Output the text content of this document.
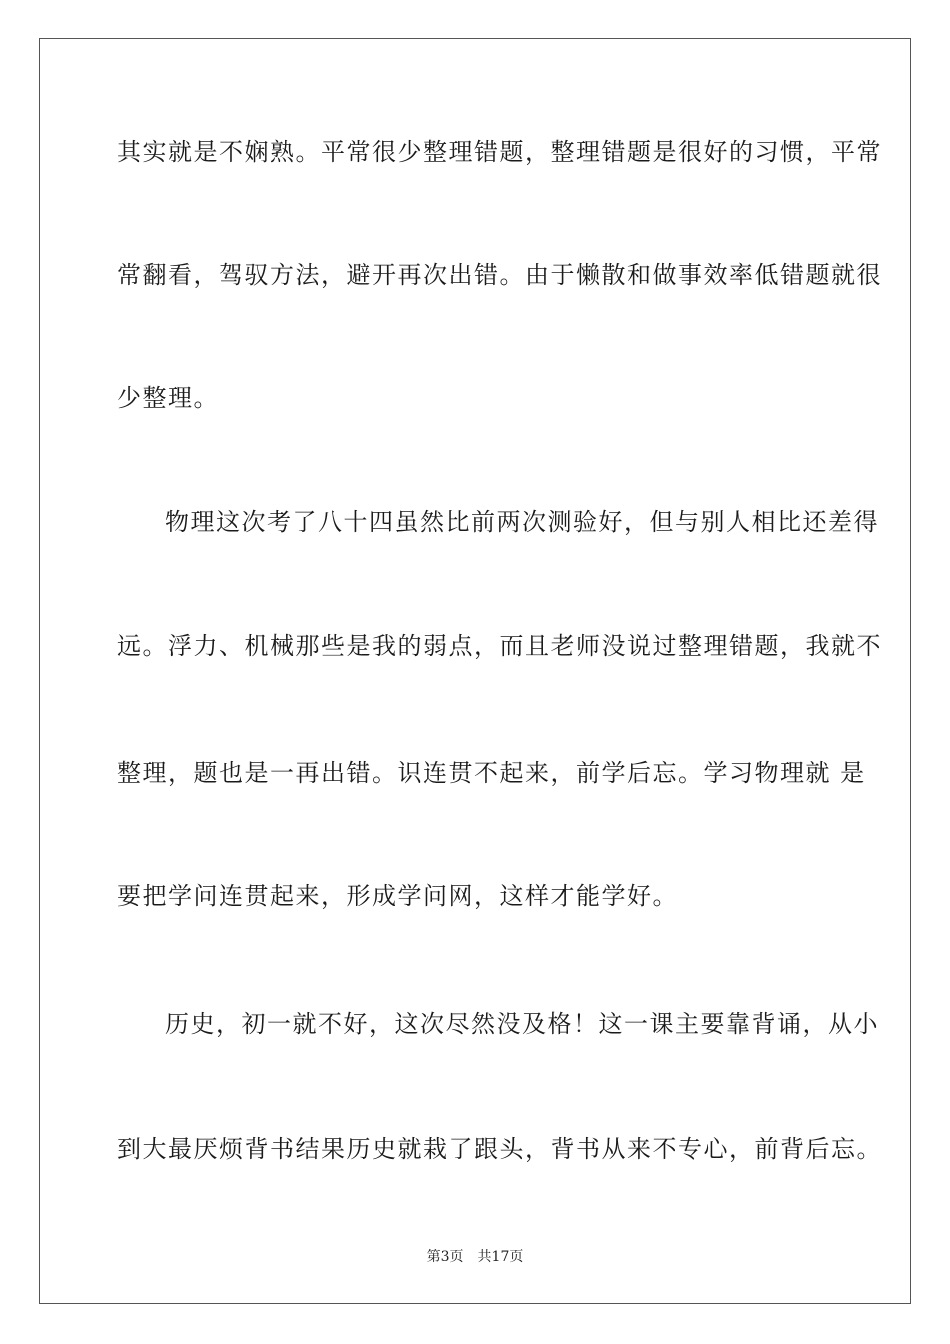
其实就是不娴熟。平常很少整理错题，整理错题是很好的习惯，平常
常翻看，驾驭方法，避开再次出错。由于懒散和做事效率低错题就很
少整理。
物理这次考了八十四虽然比前两次测验好，但与别人相比还差得
远。浮力、机械那些是我的弱点，而且老师没说过整理错题，我就不
整理，题也是一再出错。识连贯不起来，前学后忘。学习物理就 是
要把学问连贯起来，形成学问网，这样才能学好。
历史，初一就不好，这次尽然没及格！这一课主要靠背诵，从小
到大最厌烦背书结果历史就栽了跟头，背书从来不专心，前背后忘。
第3页 共17页
